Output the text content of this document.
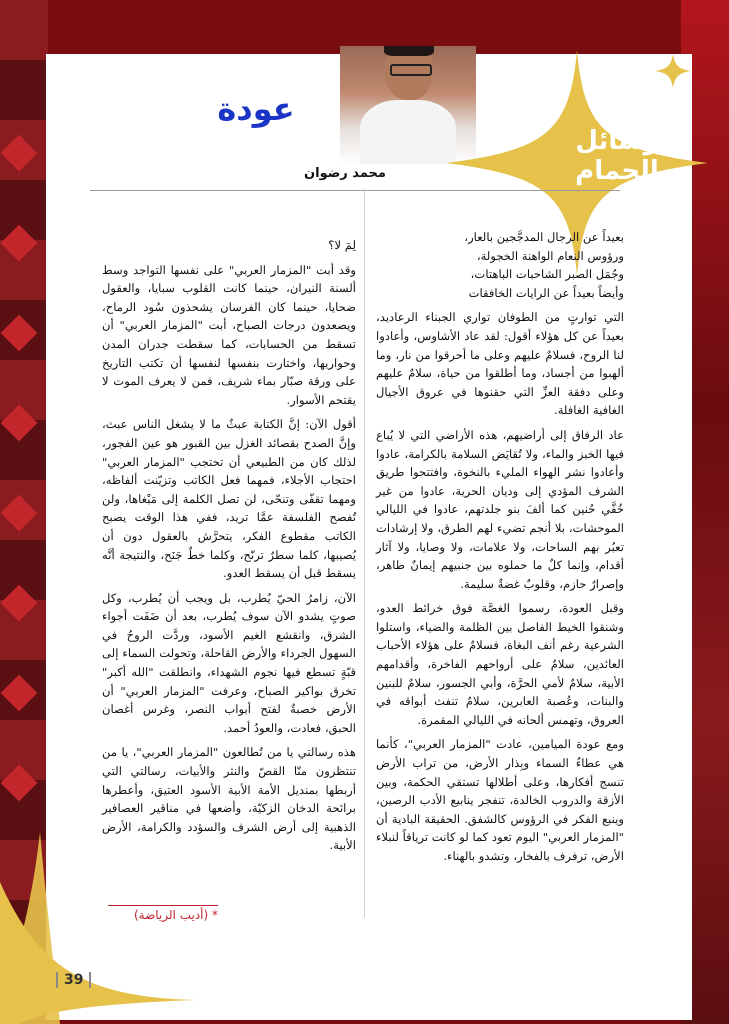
رسائل الحمام
عودة
محمد رضوان
بعيداً عن الرجال المدجَّجين بالعار،
ورؤوس النعام الواهنة الخجولة،
وجُمَل الصبر الشاحبات الباهتات،
وأيضاً بعيداً عن الرايات الخافقات

التي توارتٍ من الطوفان تواري الجبناء الرعاديد، بعيداً عن كل هؤلاء أقول: لقد عاد الأشاوس، وأعادوا لنا الروح، فسلامٌ عليهم وعلى ما أحرقوا من نار، وما ألهبوا من أجساد، وما أطلقوا من حياة، سلامٌ عليهم وعلى دفقة العزِّ التي حقنوها في عروق الأجيال الغافية الغافلة.

عاد الرفاق إلى أراضيهم، هذه الأراضي التي لا يُباع فيها الخبز والماء، ولا تُقايَض السلامة بالكرامة، عادوا وأعادوا نشر الهواء المليء بالنخوة، وافتتحوا طريق الشرف المؤدي إلى وديان الحرية، عادوا من غير خُفَّي حُنين كما ألفَ بنو جلدتهم، عادوا في الليالي الموحشات، بلا أنجم تضيء لهم الطرق، ولا إرشادات تعبُر بهم الساحات، ولا علامات، ولا وصايا، ولا آثار أقدام، وإنما كلٌ ما حملوه بين جنبيهم إيمانٌ طاهر، وإصرارٌ حازم، وقلوبٌ غضةٌ سليمة.

وقبل العودة، رسموا الغصَّة فوق خرائط العدو، وشنقوا الخيط الفاصل بين الظلمة والضياء، واستلوا الشرعية رغم أنف البغاة، فسلامٌ على هؤلاء الأحباب العائدين، سلامٌ على أرواحهم الفاخرة، وأقدامهم الأبية، سلامٌ لأمي الحرَّة، وأبي الجسور، سلامٌ للبنين والبنات، وعُصبة العابرين، سلامٌ تنفث أبواقه في العروق، وتهمس ألحانه في الليالي المقمرة.

ومع عودة الميامين، عادت "المزمار العربي"، كأنما هي عطاءُ السماء وبِذار الأرض، من تراب الأرض تنسج أفكارها، وعلى أطلالها تستقي الحكمة، وبين الأزقة والدروب الخالدة، تنفجر ينابيع الأدب الرصين، وينبع الفكر في الرؤوس كالشفق. الحقيقة البادية أن "المزمار العربي" اليوم تعود كما لو كانت ترياقاً لنبلاء الأرض، ترفرف بالفخار، وتشدو بالهناء.

لِمَ لا؟

وقد أبت "المزمار العربي" على نفسها التواجد وسط ألسنة النيران، حينما كانت القلوب سبايا، والعقول ضحايا، حينما كان الفرسان يشحذون سُود الرماح، ويصعدون درجات الصباح، أبت "المزمار العربي" أن تسقط من الحسابات، كما سقطت جدران المدن وحواريها، واختارت بنفسها لنفسها أن تكتب التاريخ على ورقة صبّار بماء شريف، فمن لا يعرف الموت لا يقتحم الأسوار.

أقول الآن: إنَّ الكتابة عبثٌ ما لا يشغل الناس عبث، وإنَّ الصدح بقصائد الغزل بين القبور هو عين الفجور، لذلك كان من الطبيعي أن تحتجب "المزمار العربي" احتجاب الأجلاء، فمهما فعل الكاتب وتزيّنت ألفاظه، ومهما تقفّى وتنحّى، لن تصل الكلمة إلى مَبْغاها، ولن تُفصح الفلسفة عمَّا تريد، ففي هذا الوقت يصبح الكاتب مقطوع الفكر، يتحرَّش بالعقول دون أن يُصيبها، كلما سطرٌ ترنّح، وكلما خطٌ جَنَح، والنتيجة أنَّه يسقط قبل أن يسقط العدو.

الآن، زامرُ الحيّ يُطرب، بل ويجب أن يُطرب، وكل صوتٍ يشدو الآن سوف يُطرب، بعد أن ضَفَت أجواء الشرق، وانقشع الغيم الأسود، وردَّت الروحُ في السهول الجرداء والأرض القاحلة، وتحولت السماء إلى قبّةٍ تسطع فيها نجوم الشهداء، وانطلقت "الله أكبر" تخرق بواكير الصباح، وعرفت "المزمار العربي" أن الأرض خصبةٌ لفتح أبواب النصر، وغرس أغصان الحبق، فعادت، والعودُ أحمد.

هذه رسالتي يا من تُطالعون "المزمار العربي"، يا من تنتظرون منّا القصّ والنثر والأبيات، رسالتي التي أربطها بمنديل الأمة الأبية الأسود العتيق، وأعطرها برائحة الدخان الزكيّة، وأضعها في مناقير العصافير الذهبية إلى أرض الشرف والسؤدد والكرامة، الأرض الأبية.

* (أديب الرياضة)
39
